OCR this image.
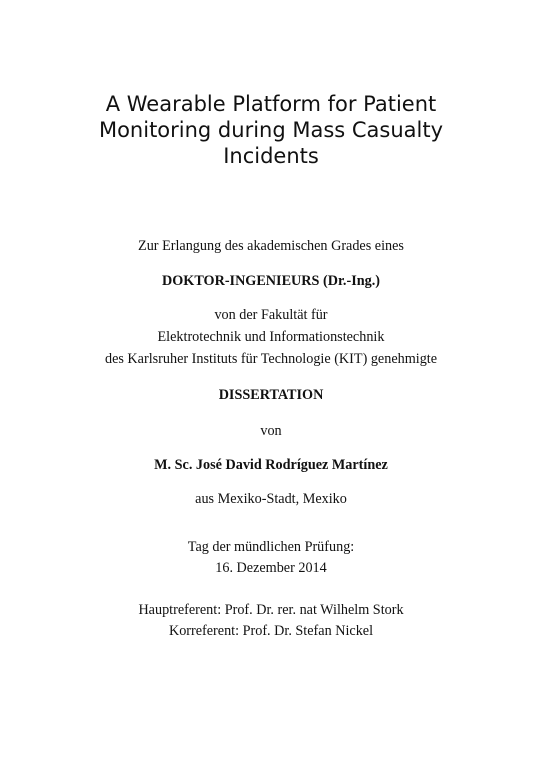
A Wearable Platform for Patient
Monitoring during Mass Casualty
Incidents
Zur Erlangung des akademischen Grades eines
DOKTOR-INGENIEURS (Dr.-Ing.)
von der Fakultät für
Elektrotechnik und Informationstechnik
des Karlsruher Instituts für Technologie (KIT) genehmigte
DISSERTATION
von
M. Sc. José David Rodríguez Martínez
aus Mexiko-Stadt, Mexiko
Tag der mündlichen Prüfung:
16. Dezember 2014
Hauptreferent: Prof. Dr. rer. nat Wilhelm Stork
Korreferent: Prof. Dr. Stefan Nickel
